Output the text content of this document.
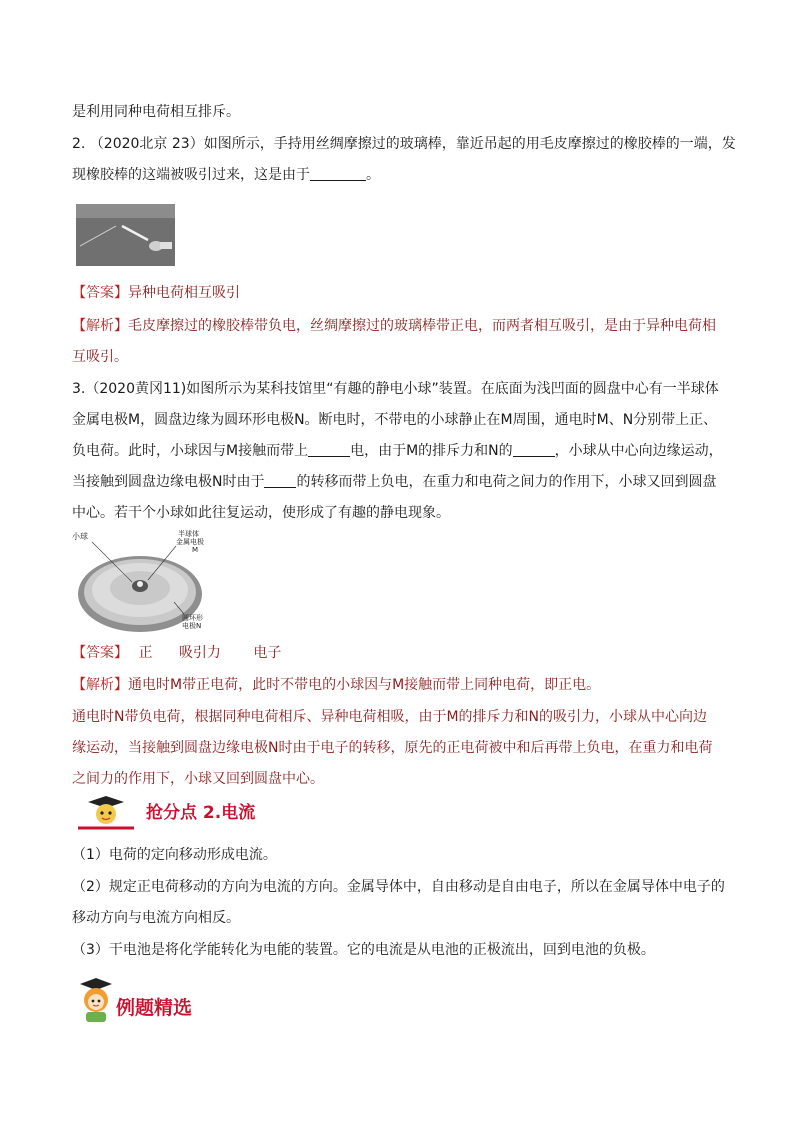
是利用同种电荷相互排斥。
2. （2020北京 23）如图所示，手持用丝绸摩擦过的玻璃棒，靠近吊起的用毛皮摩擦过的橡胶棒的一端，发
现橡胶棒的这端被吸引过来，这是由于	。
【答案】异种电荷相互吸引
【解析】毛皮摩擦过的橡胶棒带负电，丝绸摩擦过的玻璃棒带正电，而两者相互吸引，是由于异种电荷相
互吸引。
3.（2020黄冈11)如图所示为某科技馆里“有趣的静电小球”装置。在底面为浅凹面的圆盘中心有一半球体
金属电极M，圆盘边缘为圆环形电极N。断电时，不带电的小球静止在M周围，通电时M、N分别带上正、
负电荷。此时，小球因与M接触而带上	电，由于M的排斥力和N的	，小球从中心向边缘运动，
当接触到圆盘边缘电极N时由于 的转移而带上负电，在重力和电荷之间力的作用下，小球又回到圆盘
中心。若干个小球如此往复运动，使形成了有趣的静电现象。
小球	半球体
金属电极
M
圆环形
电极N
【答案】 正 吸引力 电子
【解析】通电时M带正电荷，此时不带电的小球因与M接触而带上同种电荷，即正电。
通电时N带负电荷，根据同种电荷相斥、异种电荷相吸，由于M的排斥力和N的吸引力，小球从中心向边
缘运动，当接触到圆盘边缘电极N时由于电子的转移，原先的正电荷被中和后再带上负电，在重力和电荷
之间力的作用下，小球又回到圆盘中心。
抢分点 2.电流
（1）电荷的定向移动形成电流。
（2）规定正电荷移动的方向为电流的方向。金属导体中，自由移动是自由电子，所以在金属导体中电子的
移动方向与电流方向相反。
（3）干电池是将化学能转化为电能的装置。它的电流是从电池的正极流出，回到电池的负极。
例题精选
